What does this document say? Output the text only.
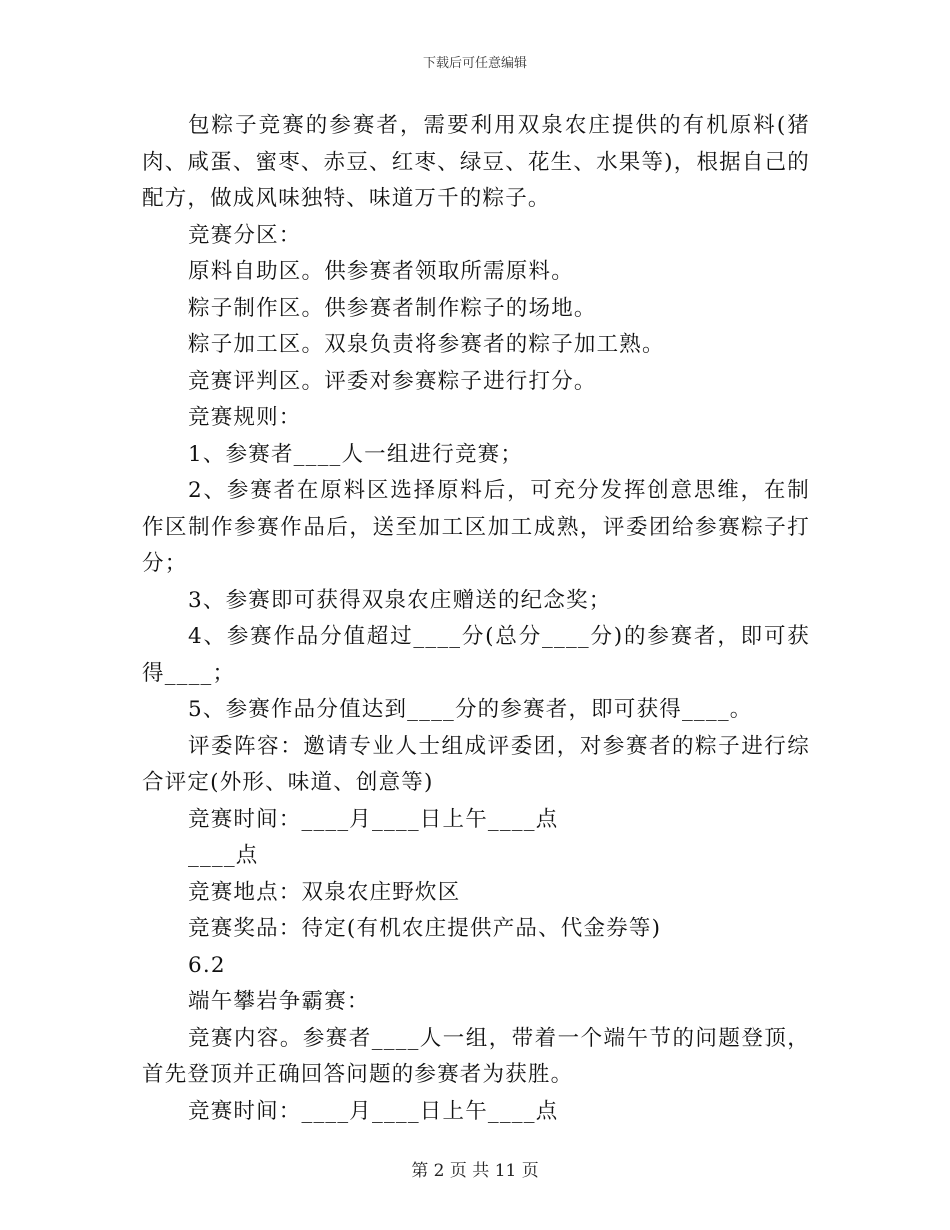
下载后可任意编辑

包粽子竞赛的参赛者，需要利用双泉农庄提供的有机原料(猪肉、咸蛋、蜜枣、赤豆、红枣、绿豆、花生、水果等)，根据自己的配方，做成风味独特、味道万千的粽子。

竞赛分区：

原料自助区。供参赛者领取所需原料。

粽子制作区。供参赛者制作粽子的场地。

粽子加工区。双泉负责将参赛者的粽子加工熟。

竞赛评判区。评委对参赛粽子进行打分。

竞赛规则：

1、参赛者____人一组进行竞赛；

2、参赛者在原料区选择原料后，可充分发挥创意思维，在制作区制作参赛作品后，送至加工区加工成熟，评委团给参赛粽子打分；

3、参赛即可获得双泉农庄赠送的纪念奖；

4、参赛作品分值超过____分(总分____分)的参赛者，即可获得____；

5、参赛作品分值达到____分的参赛者，即可获得____。

评委阵容：邀请专业人士组成评委团，对参赛者的粽子进行综合评定(外形、味道、创意等)

竞赛时间：____月____日上午____点

____点

竞赛地点：双泉农庄野炊区

竞赛奖品：待定(有机农庄提供产品、代金券等)

6.2

端午攀岩争霸赛：

竞赛内容。参赛者____人一组，带着一个端午节的问题登顶，首先登顶并正确回答问题的参赛者为获胜。

竞赛时间：____月____日上午____点

第 2 页 共 11 页
